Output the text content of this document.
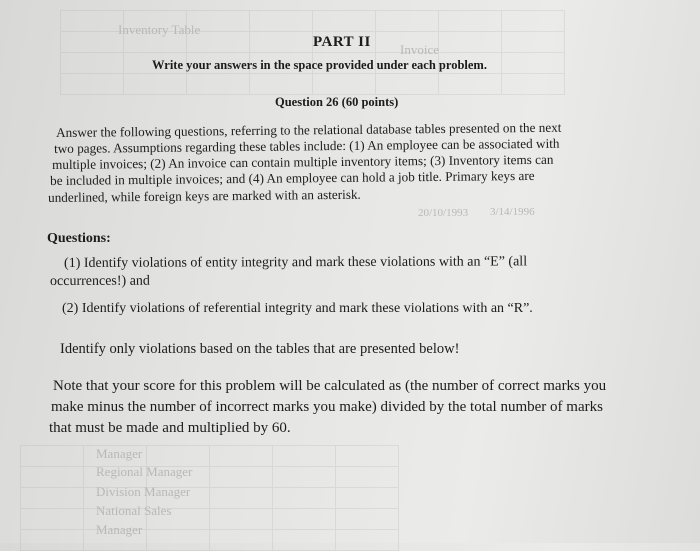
Inventory Table
Invoice
20/10/1993 3/14/1996
Manager
Regional Manager
Division Manager
National Sales
Manager
PART II
Write your answers in the space provided under each problem.
Question 26 (60 points)
Answer the following questions, referring to the relational database tables presented on the next
two pages. Assumptions regarding these tables include: (1) An employee can be associated with
multiple invoices; (2) An invoice can contain multiple inventory items; (3) Inventory items can
be included in multiple invoices; and (4) An employee can hold a job title. Primary keys are
underlined, while foreign keys are marked with an asterisk.
Questions:
(1) Identify violations of entity integrity and mark these violations with an “E” (all
occurrences!) and
(2) Identify violations of referential integrity and mark these violations with an “R”.
Identify only violations based on the tables that are presented below!
Note that your score for this problem will be calculated as (the number of correct marks you
make minus the number of incorrect marks you make) divided by the total number of marks
that must be made and multiplied by 60.
